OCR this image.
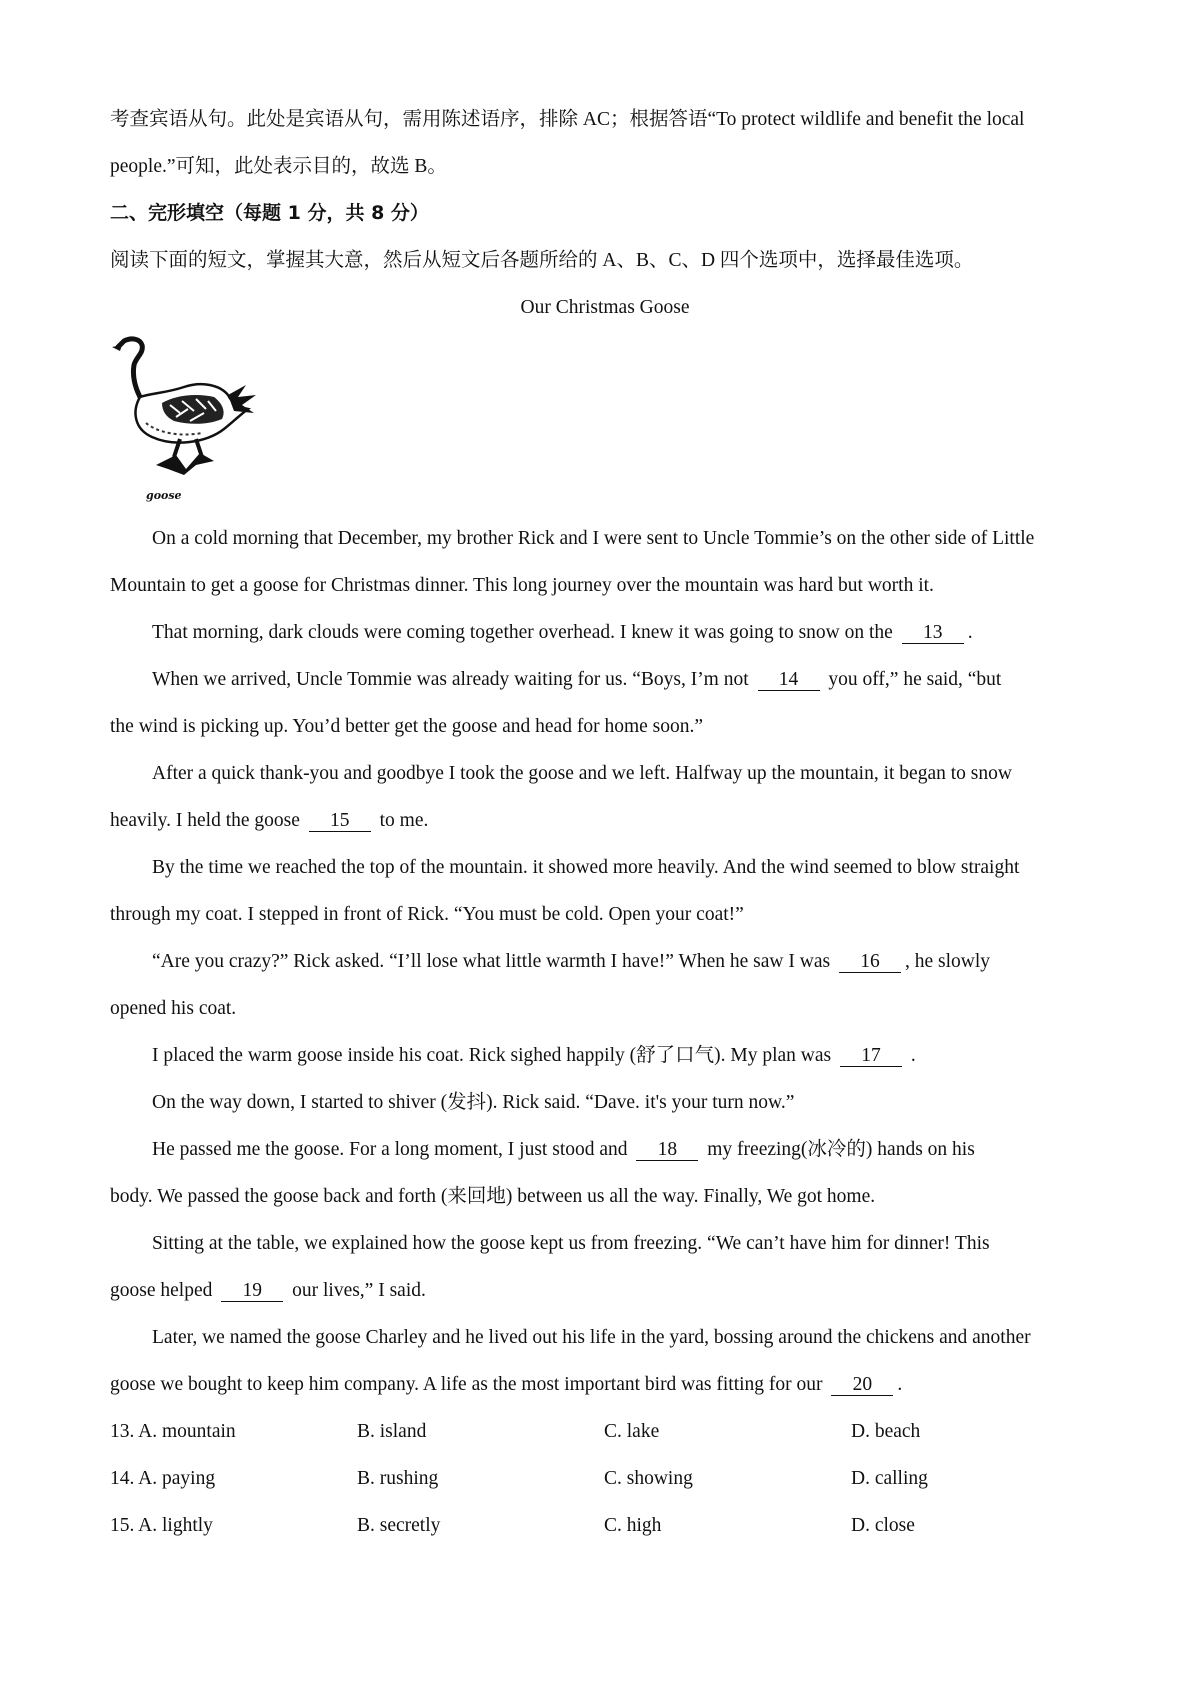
考查宾语从句。此处是宾语从句，需用陈述语序，排除 AC；根据答语“To protect wildlife and benefit the local

people.”可知，此处表示目的，故选 B。

二、完形填空（每题 1 分，共 8 分）

阅读下面的短文，掌握其大意，然后从短文后各题所给的 A、B、C、D 四个选项中，选择最佳选项。

Our Christmas Goose

goose

On a cold morning that December, my brother Rick and I were sent to Uncle Tommie’s on the other side of Little

Mountain to get a goose for Christmas dinner. This long journey over the mountain was hard but worth it.

That morning, dark clouds were coming together overhead. I knew it was going to snow on the 13 .

When we arrived, Uncle Tommie was already waiting for us. “Boys, I’m not 14 you off,” he said, “but

the wind is picking up. You’d better get the goose and head for home soon.”

After a quick thank-you and goodbye I took the goose and we left. Halfway up the mountain, it began to snow

heavily. I held the goose 15 to me.

By the time we reached the top of the mountain. it showed more heavily. And the wind seemed to blow straight

through my coat. I stepped in front of Rick. “You must be cold. Open your coat!”

“Are you crazy?” Rick asked. “I’ll lose what little warmth I have!” When he saw I was 16 , he slowly

opened his coat.

I placed the warm goose inside his coat. Rick sighed happily (舒了口气). My plan was 17 .

On the way down, I started to shiver (发抖). Rick said. “Dave. it's your turn now.”

He passed me the goose. For a long moment, I just stood and 18 my freezing(冰冷的) hands on his

body. We passed the goose back and forth (来回地) between us all the way. Finally, We got home.

Sitting at the table, we explained how the goose kept us from freezing. “We can’t have him for dinner! This

goose helped 19 our lives,” I said.

Later, we named the goose Charley and he lived out his life in the yard, bossing around the chickens and another

goose we bought to keep him company. A life as the most important bird was fitting for our 20 .

13. A. mountain	B. island	C. lake	D. beach
14. A. paying	B. rushing	C. showing	D. calling
15. A. lightly	B. secretly	C. high	D. close
